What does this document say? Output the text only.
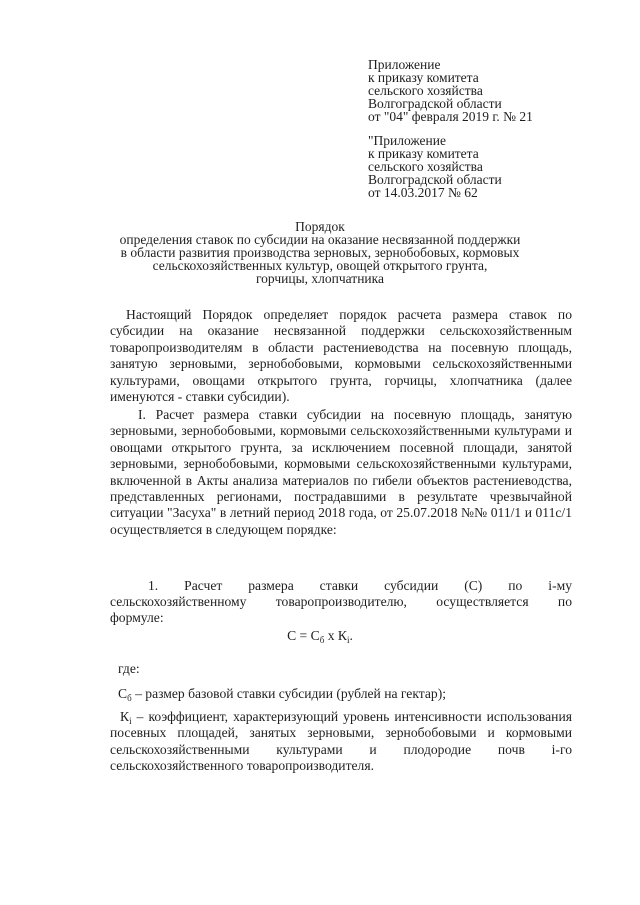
Приложение
к приказу комитета
сельского хозяйства
Волгоградской области
от "04" февраля 2019 г. № 21
"Приложение
к приказу комитета
сельского хозяйства
Волгоградской области
от 14.03.2017 № 62
Порядок
определения ставок по субсидии на оказание несвязанной поддержки
в области развития производства зерновых, зернобобовых, кормовых
сельскохозяйственных культур, овощей открытого грунта,
горчицы, хлопчатника
Настоящий Порядок определяет порядок расчета размера ставок по субсидии на оказание несвязанной поддержки сельскохозяйственным товаропроизводителям в области растениеводства на посевную площадь, занятую зерновыми, зернобобовыми, кормовыми сельскохозяйственными культурами, овощами открытого грунта, горчицы, хлопчатника (далее именуются - ставки субсидии).
I. Расчет размера ставки субсидии на посевную площадь, занятую зерновыми, зернобобовыми, кормовыми сельскохозяйственными культурами и овощами открытого грунта, за исключением посевной площади, занятой зерновыми, зернобобовыми, кормовыми сельскохозяйственными культурами, включенной в Акты анализа материалов по гибели объектов растениеводства, представленных регионами, пострадавшими в результате чрезвычайной ситуации "Засуха" в летний период 2018 года, от 25.07.2018 №№ 011/1 и 011с/1 осуществляется в следующем порядке:
1.  Расчет  размера  ставки  субсидии  (С)  по  i-му
сельскохозяйственному  товаропроизводителю,  осуществляется  по
формуле:
$С = С_б$ х $К_i$.
где:
$С_б$ – размер базовой ставки субсидии (рублей на гектар);
$К_i$ – коэффициент, характеризующий уровень интенсивности использования посевных площадей, занятых зерновыми, зернобобовыми и кормовыми сельскохозяйственными культурами и плодородие почв i-го сельскохозяйственного товаропроизводителя.
